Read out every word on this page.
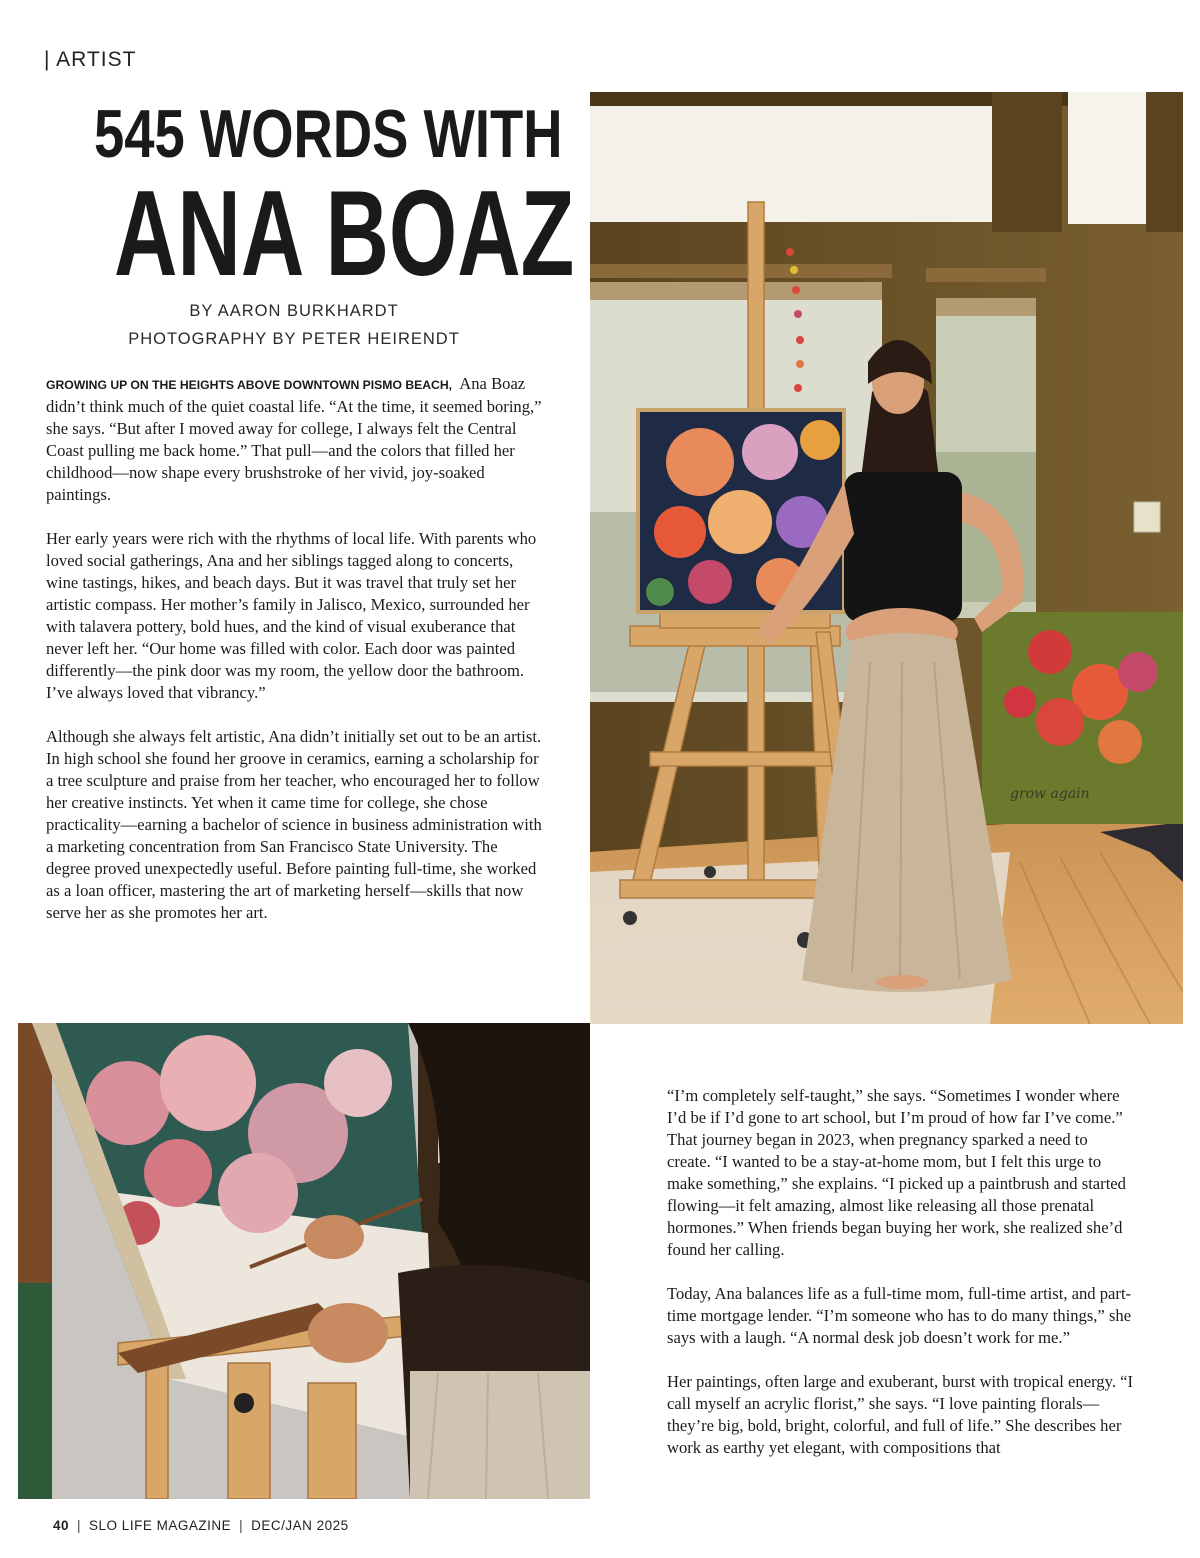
| ARTIST
545 WORDS WITH
ANA BOAZ
BY AARON BURKHARDT
PHOTOGRAPHY BY PETER HEIRENDT

GROWING UP ON THE HEIGHTS ABOVE DOWNTOWN PISMO BEACH, Ana Boaz didn’t think much of the quiet coastal life. “At the time, it seemed boring,” she says. “But after I moved away for college, I always felt the Central Coast pulling me back home.” That pull—and the colors that filled her childhood—now shape every brushstroke of her vivid, joy-soaked paintings.

Her early years were rich with the rhythms of local life. With parents who loved social gatherings, Ana and her siblings tagged along to concerts, wine tastings, hikes, and beach days. But it was travel that truly set her artistic compass. Her mother’s family in Jalisco, Mexico, surrounded her with talavera pottery, bold hues, and the kind of visual exuberance that never left her. “Our home was filled with color. Each door was painted differently—the pink door was my room, the yellow door the bathroom. I’ve always loved that vibrancy.”

Although she always felt artistic, Ana didn’t initially set out to be an artist. In high school she found her groove in ceramics, earning a scholarship for a tree sculpture and praise from her teacher, who encouraged her to follow her creative instincts. Yet when it came time for college, she chose practicality—earning a bachelor of science in business administration with a marketing concentration from San Francisco State University. The degree proved unexpectedly useful. Before painting full-time, she worked as a loan officer, mastering the art of marketing herself—skills that now serve her as she promotes her art.

grow again

“I’m completely self-taught,” she says. “Sometimes I wonder where I’d be if I’d gone to art school, but I’m proud of how far I’ve come.” That journey began in 2023, when pregnancy sparked a need to create. “I wanted to be a stay-at-home mom, but I felt this urge to make something,” she explains. “I picked up a paintbrush and started flowing—it felt amazing, almost like releasing all those prenatal hormones.” When friends began buying her work, she realized she’d found her calling.

Today, Ana balances life as a full-time mom, full-time artist, and part-time mortgage lender. “I’m someone who has to do many things,” she says with a laugh. “A normal desk job doesn’t work for me.”

Her paintings, often large and exuberant, burst with tropical energy. “I call myself an acrylic florist,” she says. “I love painting florals—they’re big, bold, bright, colorful, and full of life.” She describes her work as earthy yet elegant, with compositions that

40 | SLO LIFE MAGAZINE | DEC/JAN 2025
